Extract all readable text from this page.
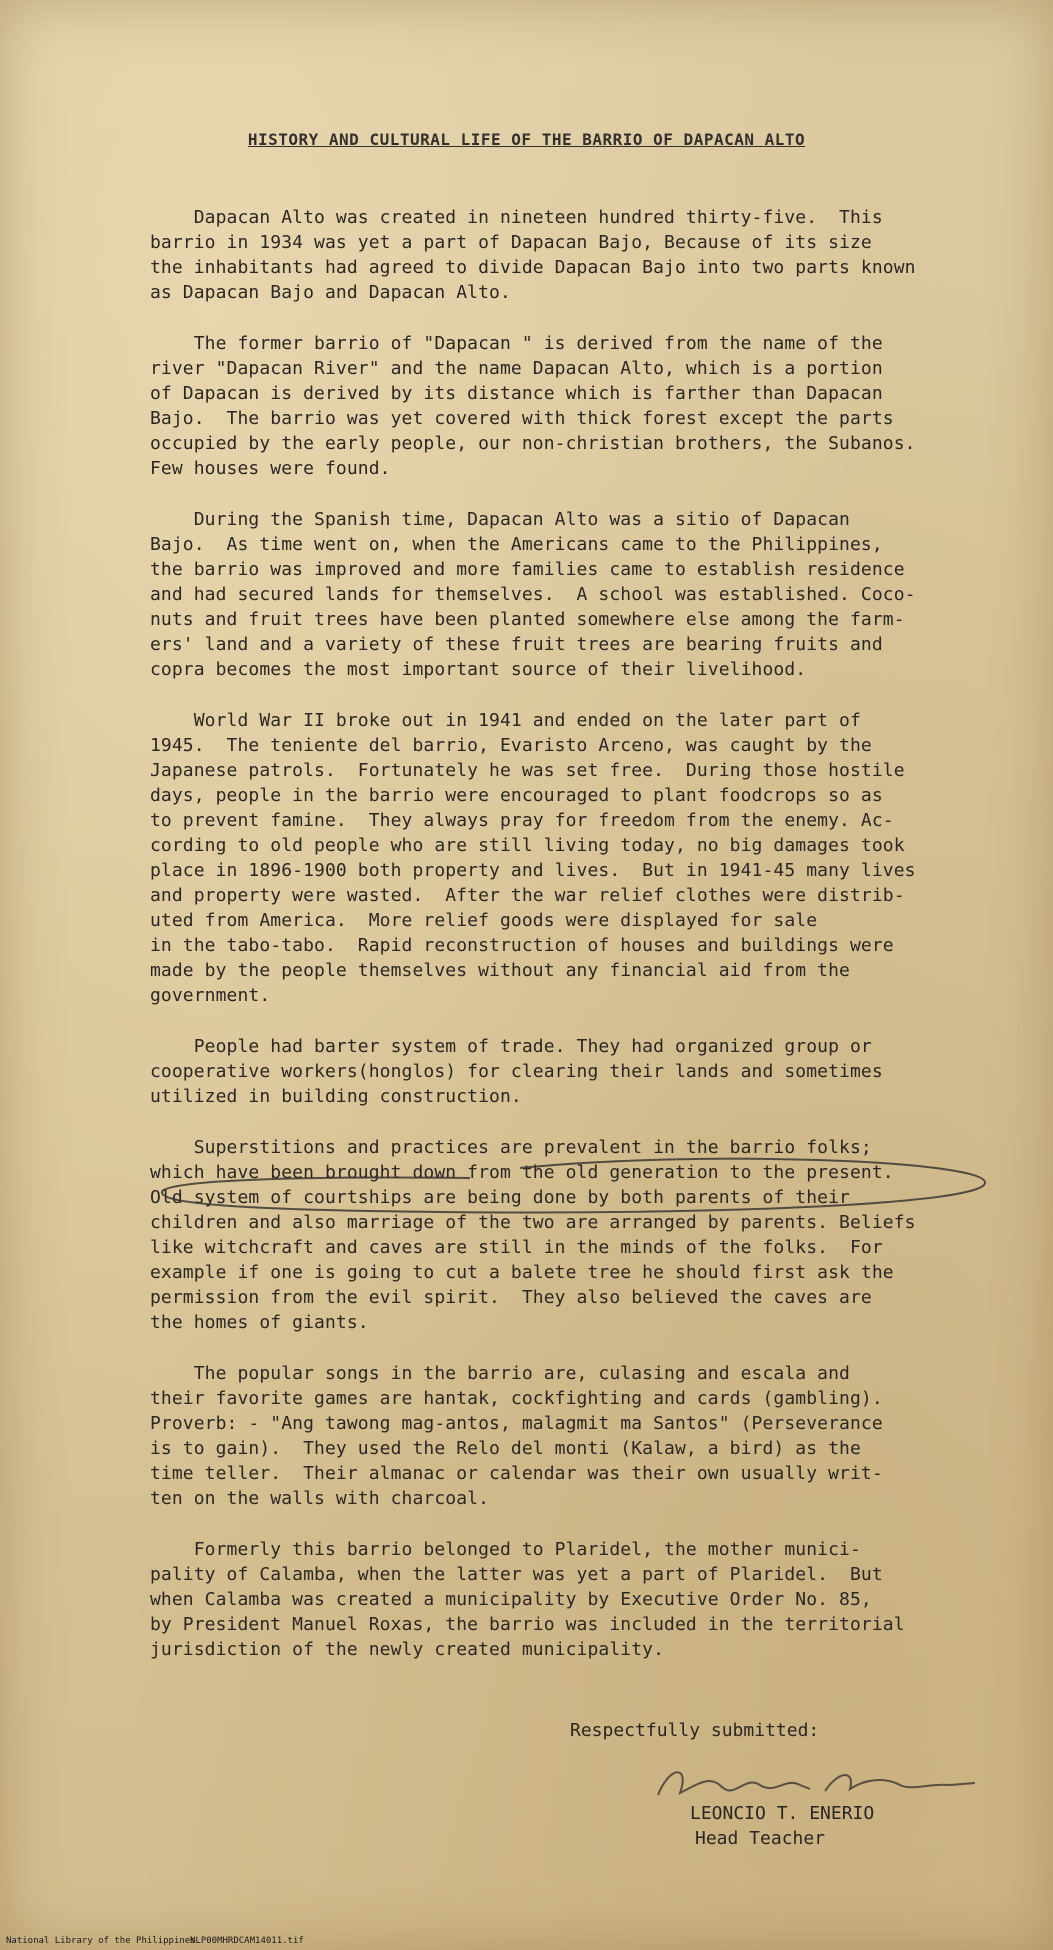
HISTORY AND CULTURAL LIFE OF THE BARRIO OF DAPACAN ALTO

Dapacan Alto was created in nineteen hundred thirty-five.  This
barrio in 1934 was yet a part of Dapacan Bajo, Because of its size
the inhabitants had agreed to divide Dapacan Bajo into two parts known
as Dapacan Bajo and Dapacan Alto.

The former barrio of "Dapacan " is derived from the name of the
river "Dapacan River" and the name Dapacan Alto, which is a portion
of Dapacan is derived by its distance which is farther than Dapacan
Bajo.  The barrio was yet covered with thick forest except the parts
occupied by the early people, our non-christian brothers, the Subanos.
Few houses were found.

During the Spanish time, Dapacan Alto was a sitio of Dapacan
Bajo.  As time went on, when the Americans came to the Philippines,
the barrio was improved and more families came to establish residence
and had secured lands for themselves.  A school was established. Coco-
nuts and fruit trees have been planted somewhere else among the farm-
ers' land and a variety of these fruit trees are bearing fruits and
copra becomes the most important source of their livelihood.

World War II broke out in 1941 and ended on the later part of
1945.  The teniente del barrio, Evaristo Arceno, was caught by the
Japanese patrols.  Fortunately he was set free.  During those hostile
days, people in the barrio were encouraged to plant foodcrops so as
to prevent famine.  They always pray for freedom from the enemy. Ac-
cording to old people who are still living today, no big damages took
place in 1896-1900 both property and lives.  But in 1941-45 many lives
and property were wasted.  After the war relief clothes were distrib-
uted from America.  More relief goods were displayed for sale
in the tabo-tabo.  Rapid reconstruction of houses and buildings were
made by the people themselves without any financial aid from the
government.

People had barter system of trade. They had organized group or
cooperative workers(honglos) for clearing their lands and sometimes
utilized in building construction.

Superstitions and practices are prevalent in the barrio folks;
which have been brought down from the old generation to the present.
Old system of courtships are being done by both parents of their
children and also marriage of the two are arranged by parents. Beliefs
like witchcraft and caves are still in the minds of the folks.  For
example if one is going to cut a balete tree he should first ask the
permission from the evil spirit.  They also believed the caves are
the homes of giants.

The popular songs in the barrio are, culasing and escala and
their favorite games are hantak, cockfighting and cards (gambling).
Proverb: - "Ang tawong mag-antos, malagmit ma Santos" (Perseverance
is to gain).  They used the Relo del monti (Kalaw, a bird) as the
time teller.  Their almanac or calendar was their own usually writ-
ten on the walls with charcoal.

Formerly this barrio belonged to Plaridel, the mother munici-
pality of Calamba, when the latter was yet a part of Plaridel.  But
when Calamba was created a municipality by Executive Order No. 85,
by President Manuel Roxas, the barrio was included in the territorial
jurisdiction of the newly created municipality.

Respectfully submitted:
LEONCIO T. ENERIO
Head Teacher
National Library of the Philippines
NLP00MHRDCAM14011.tif
